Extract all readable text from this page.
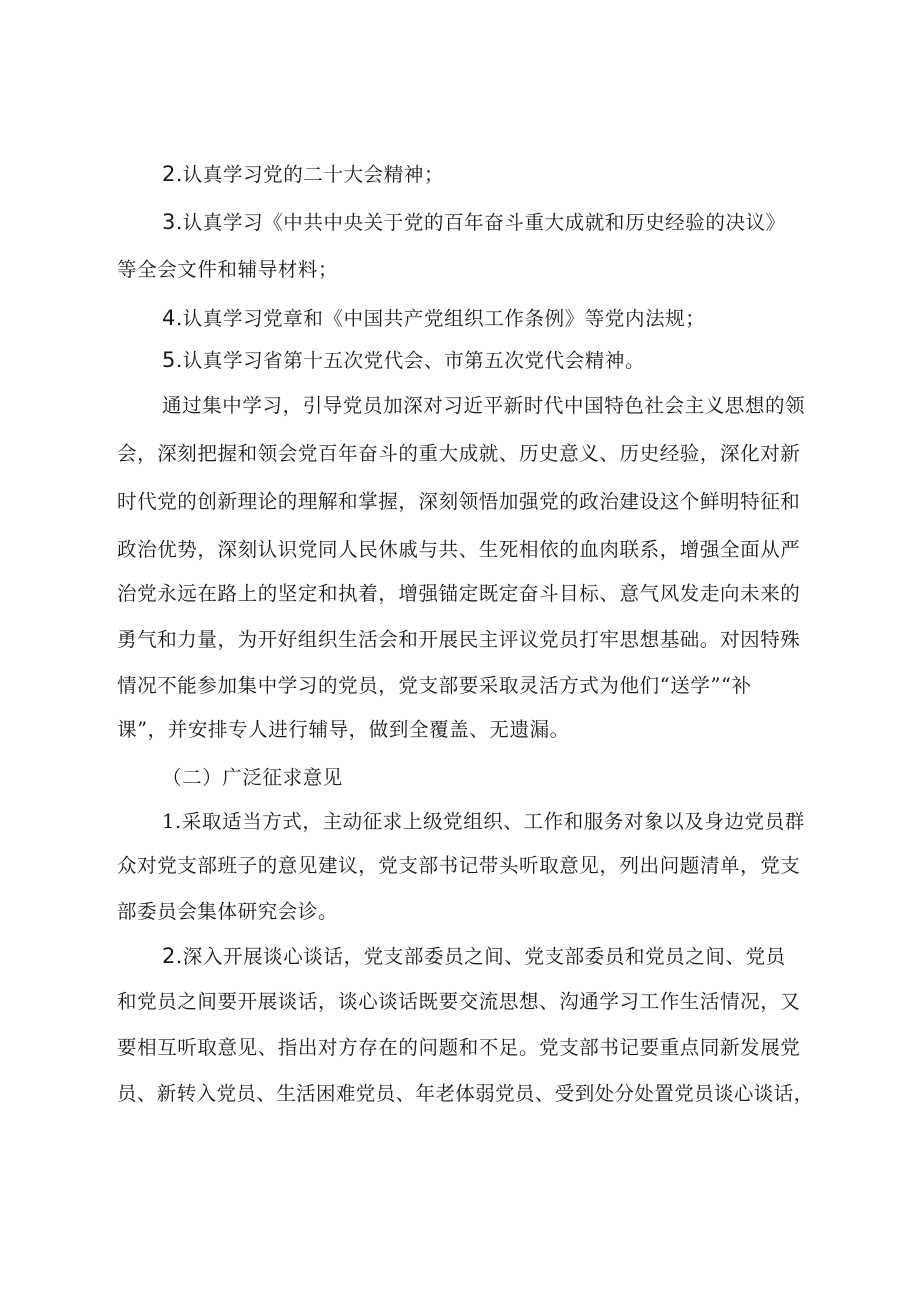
2.认真学习党的二十大会精神；
3.认真学习《中共中央关于党的百年奋斗重大成就和历史经验的决议》
等全会文件和辅导材料；
4.认真学习党章和《中国共产党组织工作条例》等党内法规；
5.认真学习省第十五次党代会、市第五次党代会精神。
通过集中学习，引导党员加深对习近平新时代中国特色社会主义思想的领
会，深刻把握和领会党百年奋斗的重大成就、历史意义、历史经验，深化对新
时代党的创新理论的理解和掌握，深刻领悟加强党的政治建设这个鲜明特征和
政治优势，深刻认识党同人民休戚与共、生死相依的血肉联系，增强全面从严
治党永远在路上的坚定和执着，增强锚定既定奋斗目标、意气风发走向未来的
勇气和力量，为开好组织生活会和开展民主评议党员打牢思想基础。对因特殊
情况不能参加集中学习的党员，党支部要采取灵活方式为他们“送学”“补
课”，并安排专人进行辅导，做到全覆盖、无遗漏。
（二）广泛征求意见
1.采取适当方式，主动征求上级党组织、工作和服务对象以及身边党员群
众对党支部班子的意见建议，党支部书记带头听取意见，列出问题清单，党支
部委员会集体研究会诊。
2.深入开展谈心谈话，党支部委员之间、党支部委员和党员之间、党员
和党员之间要开展谈话，谈心谈话既要交流思想、沟通学习工作生活情况，又
要相互听取意见、指出对方存在的问题和不足。党支部书记要重点同新发展党
员、新转入党员、生活困难党员、年老体弱党员、受到处分处置党员谈心谈话，
